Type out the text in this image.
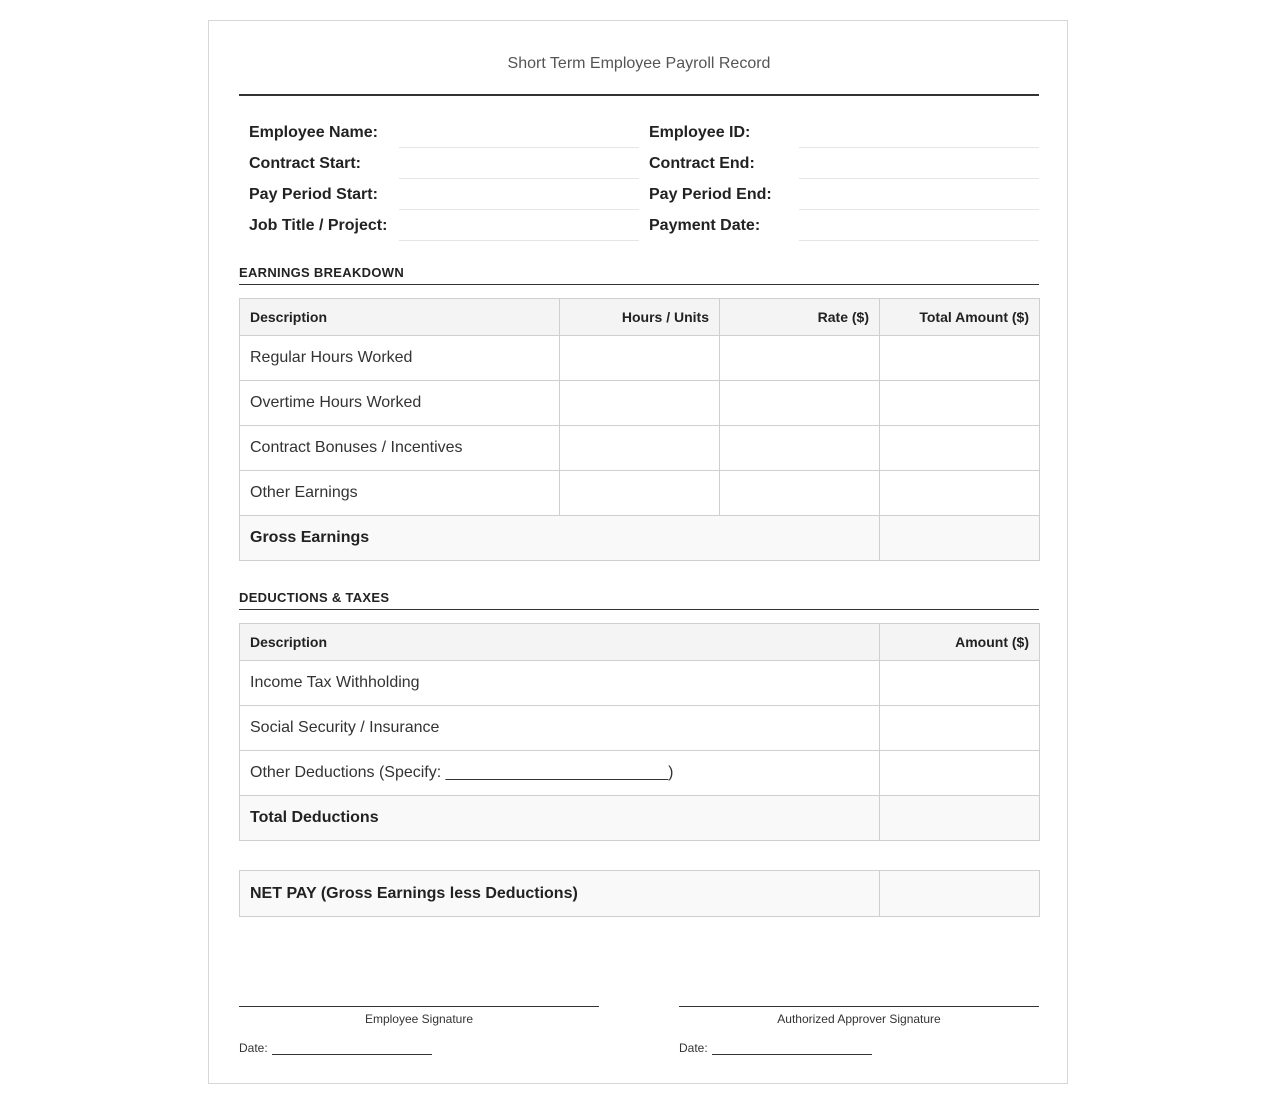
Short Term Employee Payroll Record
Employee Name:	Employee ID:
Contract Start:	Contract End:
Pay Period Start:	Pay Period End:
Job Title / Project:	Payment Date:
EARNINGS BREAKDOWN
Description	Hours / Units	Rate ($)	Total Amount ($)
Regular Hours Worked			
Overtime Hours Worked			
Contract Bonuses / Incentives			
Other Earnings			
Gross Earnings			
DEDUCTIONS & TAXES
Description	Amount ($)
Income Tax Withholding	
Social Security / Insurance	
Other Deductions (Specify: _________________________)	
Total Deductions	
NET PAY (Gross Earnings less Deductions)	
Employee Signature
Date:
Authorized Approver Signature
Date:
